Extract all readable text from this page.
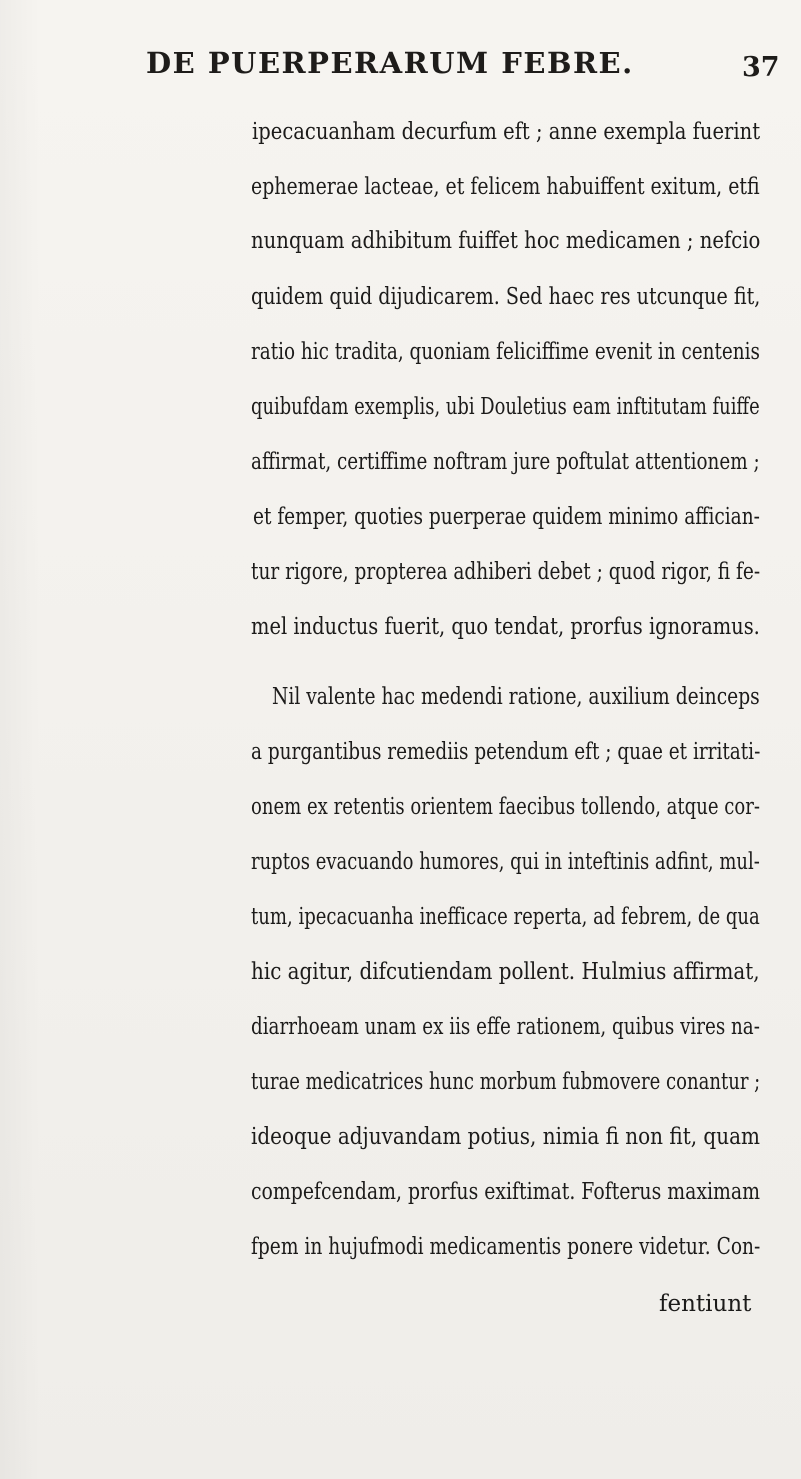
DE PUERPERARUM FEBRE.	37
ipecacuanham decurfum eft ; anne exempla fuerint
ephemerae lacteae, et felicem habuiffent exitum, etfi
nunquam adhibitum fuiffet hoc medicamen ; nefcio
quidem quid dijudicarem. Sed haec res utcunque fit,
ratio hic tradita, quoniam feliciffime evenit in centenis
quibufdam exemplis, ubi Douletius eam inftitutam fuiffe
affirmat, certiffime noftram jure poftulat attentionem ;
et femper, quoties puerperae quidem minimo affician-
tur rigore, propterea adhiberi debet ; quod rigor, fi fe-
mel inductus fuerit, quo tendat, prorfus ignoramus.
Nil valente hac medendi ratione, auxilium deinceps
a purgantibus remediis petendum eft ; quae et irritati-
onem ex retentis orientem faecibus tollendo, atque cor-
ruptos evacuando humores, qui in inteftinis adfint, mul-
tum, ipecacuanha inefficace reperta, ad febrem, de qua
hic agitur, difcutiendam pollent. Hulmius affirmat,
diarrhoeam unam ex iis effe rationem, quibus vires na-
turae medicatrices hunc morbum fubmovere conantur ;
ideoque adjuvandam potius, nimia fi non fit, quam
compefcendam, prorfus exiftimat. Fofterus maximam
fpem in hujufmodi medicamentis ponere videtur. Con-
fentiunt
